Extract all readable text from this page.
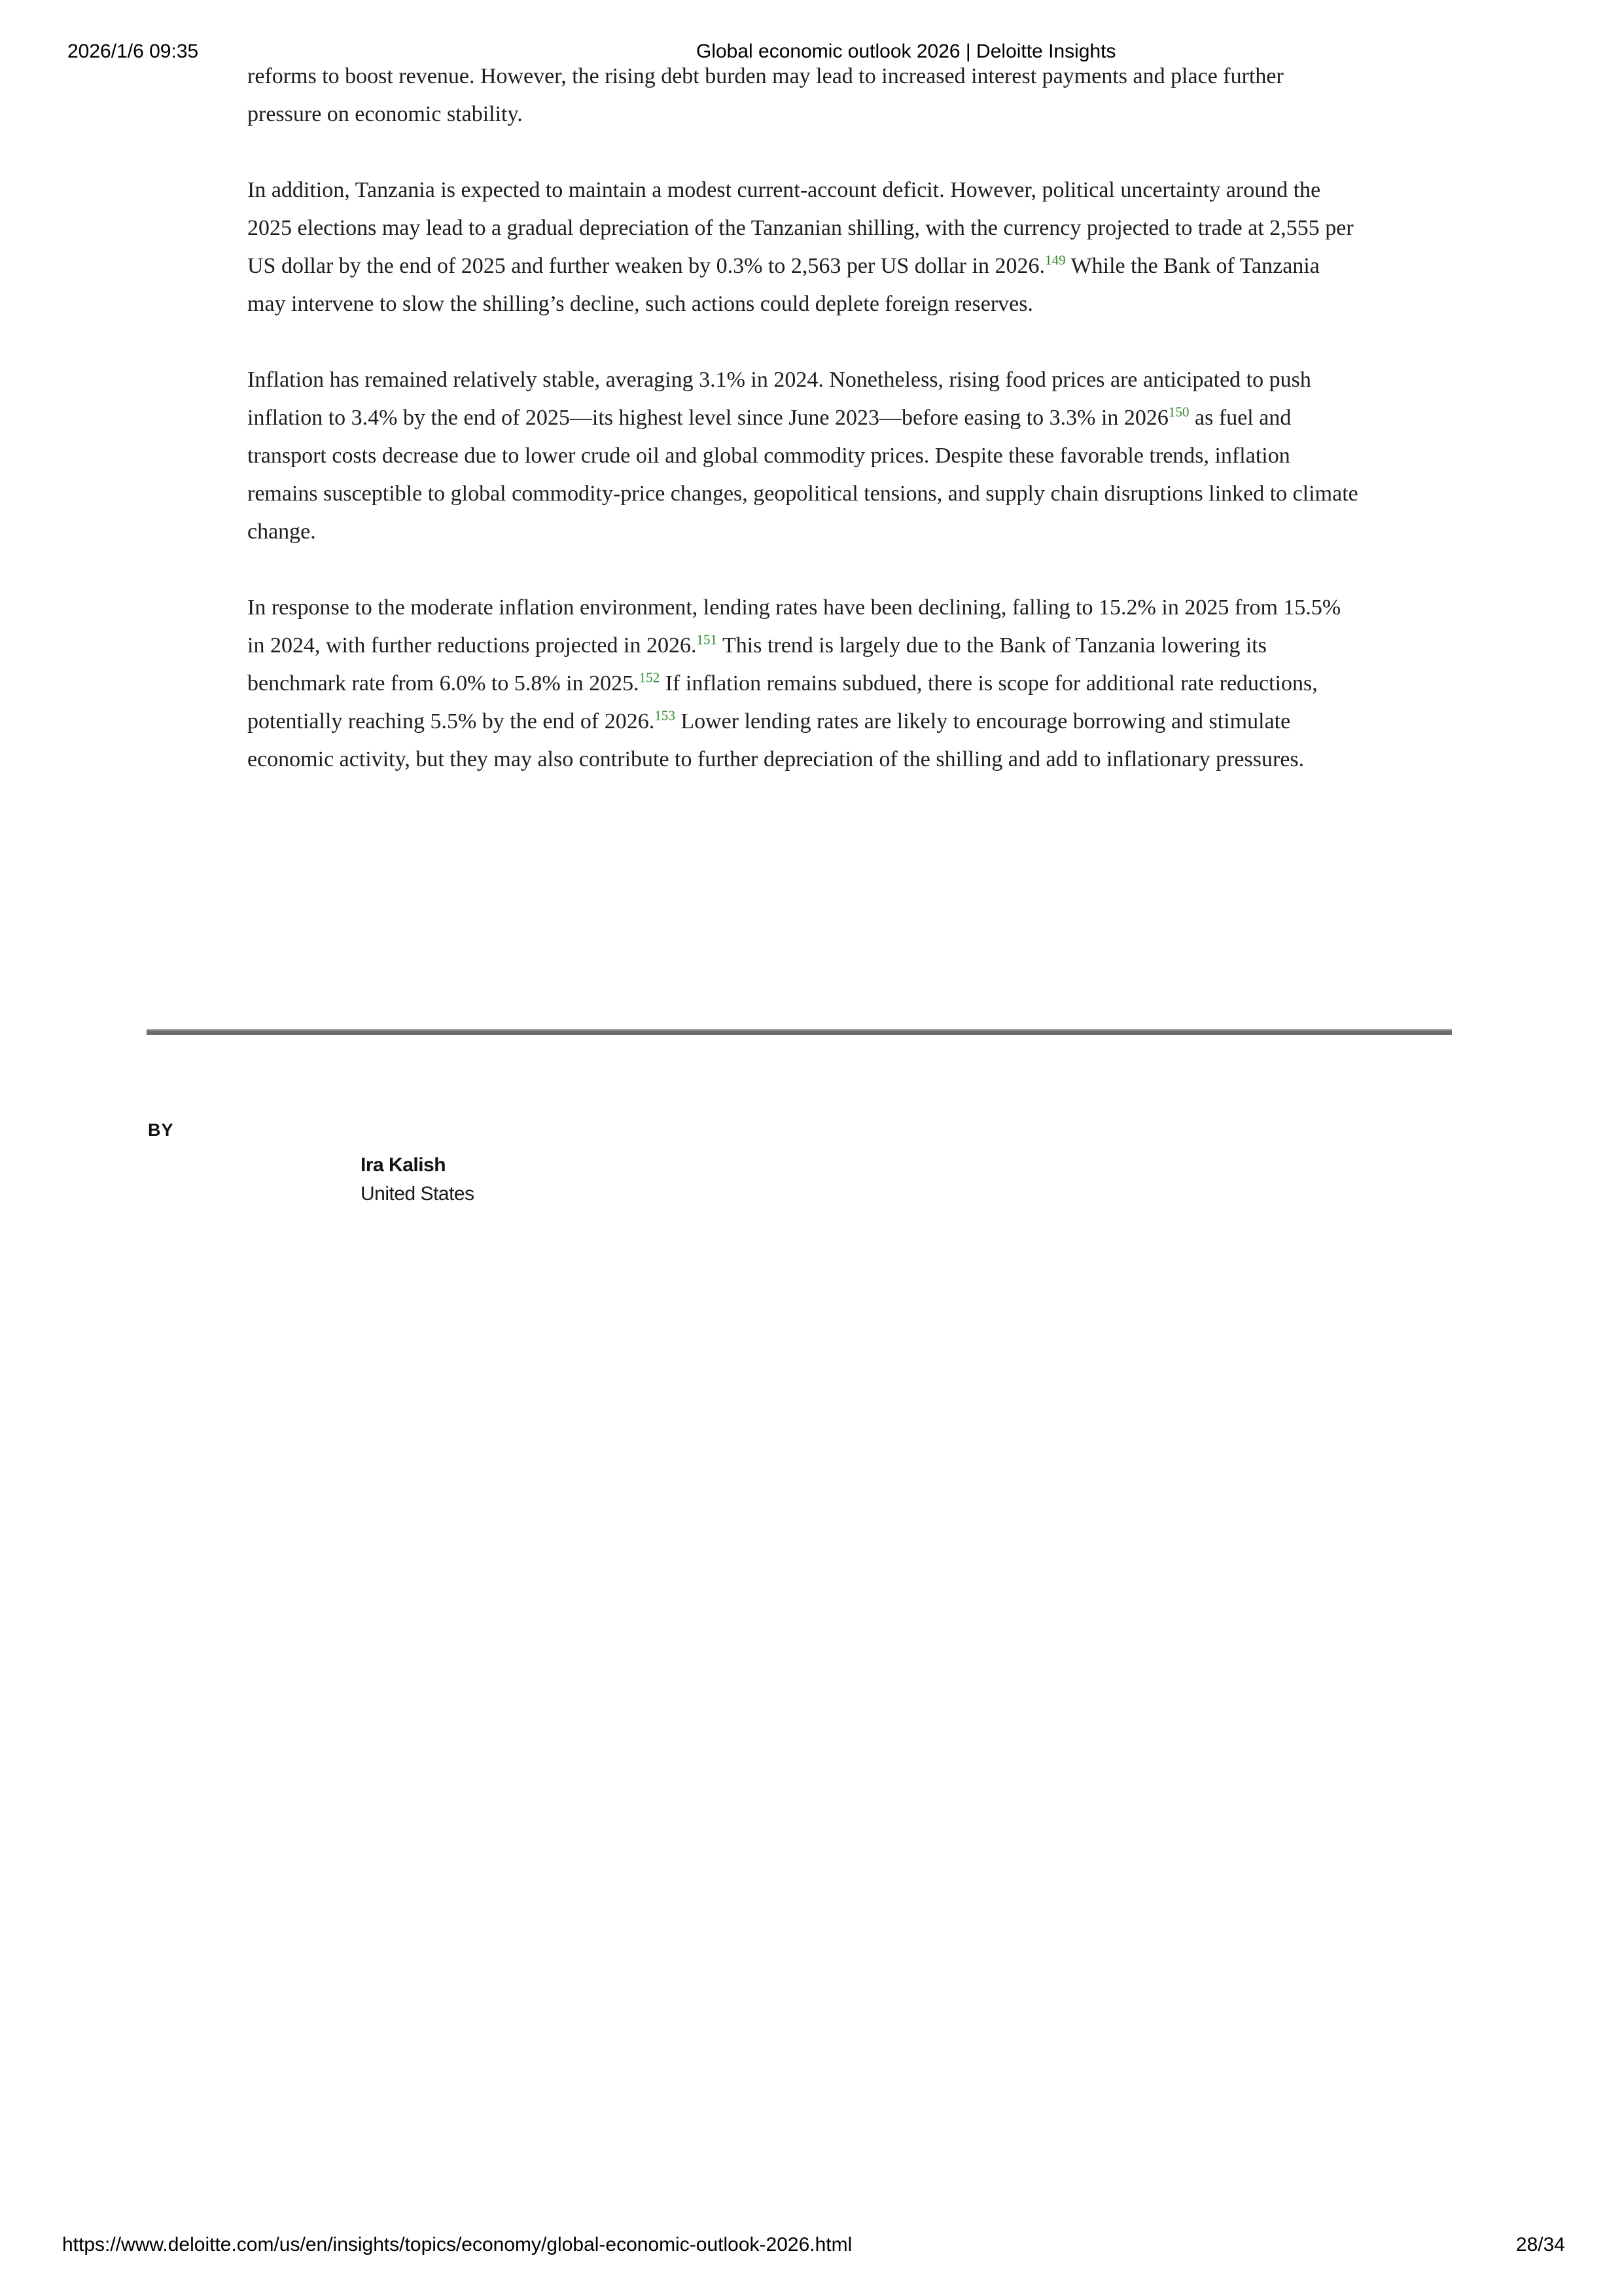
2026/1/6 09:35	Global economic outlook 2026 | Deloitte Insights

reforms to boost revenue. However, the rising debt burden may lead to increased interest payments and place further pressure on economic stability.

In addition, Tanzania is expected to maintain a modest current-account deficit. However, political uncertainty around the 2025 elections may lead to a gradual depreciation of the Tanzanian shilling, with the currency projected to trade at 2,555 per US dollar by the end of 2025 and further weaken by 0.3% to 2,563 per US dollar in 2026.$^{149}$ While the Bank of Tanzania may intervene to slow the shilling’s decline, such actions could deplete foreign reserves.

Inflation has remained relatively stable, averaging 3.1% in 2024. Nonetheless, rising food prices are anticipated to push inflation to 3.4% by the end of 2025—its highest level since June 2023—before easing to 3.3% in 2026$^{150}$ as fuel and transport costs decrease due to lower crude oil and global commodity prices. Despite these favorable trends, inflation remains susceptible to global commodity-price changes, geopolitical tensions, and supply chain disruptions linked to climate change.

In response to the moderate inflation environment, lending rates have been declining, falling to 15.2% in 2025 from 15.5% in 2024, with further reductions projected in 2026.$^{151}$ This trend is largely due to the Bank of Tanzania lowering its benchmark rate from 6.0% to 5.8% in 2025.$^{152}$ If inflation remains subdued, there is scope for additional rate reductions, potentially reaching 5.5% by the end of 2026.$^{153}$ Lower lending rates are likely to encourage borrowing and stimulate economic activity, but they may also contribute to further depreciation of the shilling and add to inflationary pressures.

BY
Ira Kalish
United States
https://www.deloitte.com/us/en/insights/topics/economy/global-economic-outlook-2026.html	28/34
